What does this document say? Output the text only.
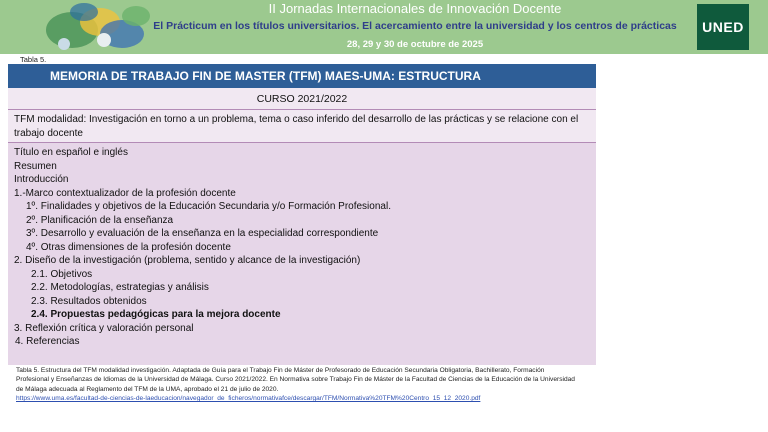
II Jornadas Internacionales de Innovación Docente
El Prácticum en los títulos universitarios. El acercamiento entre la universidad y los centros de prácticas
28, 29 y 30 de octubre de 2025
UNED
Tabla 5.
MEMORIA DE TRABAJO FIN DE MASTER (TFM) MAES-UMA: ESTRUCTURA
CURSO 2021/2022
TFM modalidad: Investigación en torno a un problema, tema o caso inferido del desarrollo de las prácticas y se relacione con el trabajo docente
Título en español e inglés
Resumen
Introducción
1.-Marco contextualizador de la profesión docente
1º. Finalidades y objetivos de la Educación Secundaria y/o Formación Profesional.
2º. Planificación de la enseñanza
3º. Desarrollo y evaluación de la enseñanza en la especialidad correspondiente
4º. Otras dimensiones de la profesión docente
2. Diseño de la investigación (problema, sentido y alcance de la investigación)
2.1. Objetivos
2.2. Metodologías, estrategias y análisis
2.3. Resultados obtenidos
2.4. Propuestas pedagógicas para la mejora docente
3. Reflexión crítica y valoración personal
4. Referencias
Tabla 5. Estructura del TFM modalidad investigación. Adaptada de Guía para el Trabajo Fin de Máster de Profesorado de Educación Secundaria Obligatoria, Bachillerato, Formación Profesional y Enseñanzas de Idiomas de la Universidad de Málaga. Curso 2021/2022. En Normativa sobre Trabajo Fin de Máster de la Facultad de Ciencias de la Educación de la Universidad de Málaga adecuada al Reglamento del TFM de la UMA, aprobado el 21 de julio de 2020.
https://www.uma.es/facultad-de-ciencias-de-laeducacion/navegador_de_ficheros/normativafce/descargar/TFM/Normativa%20TFM%20Centro_15_12_2020.pdf
